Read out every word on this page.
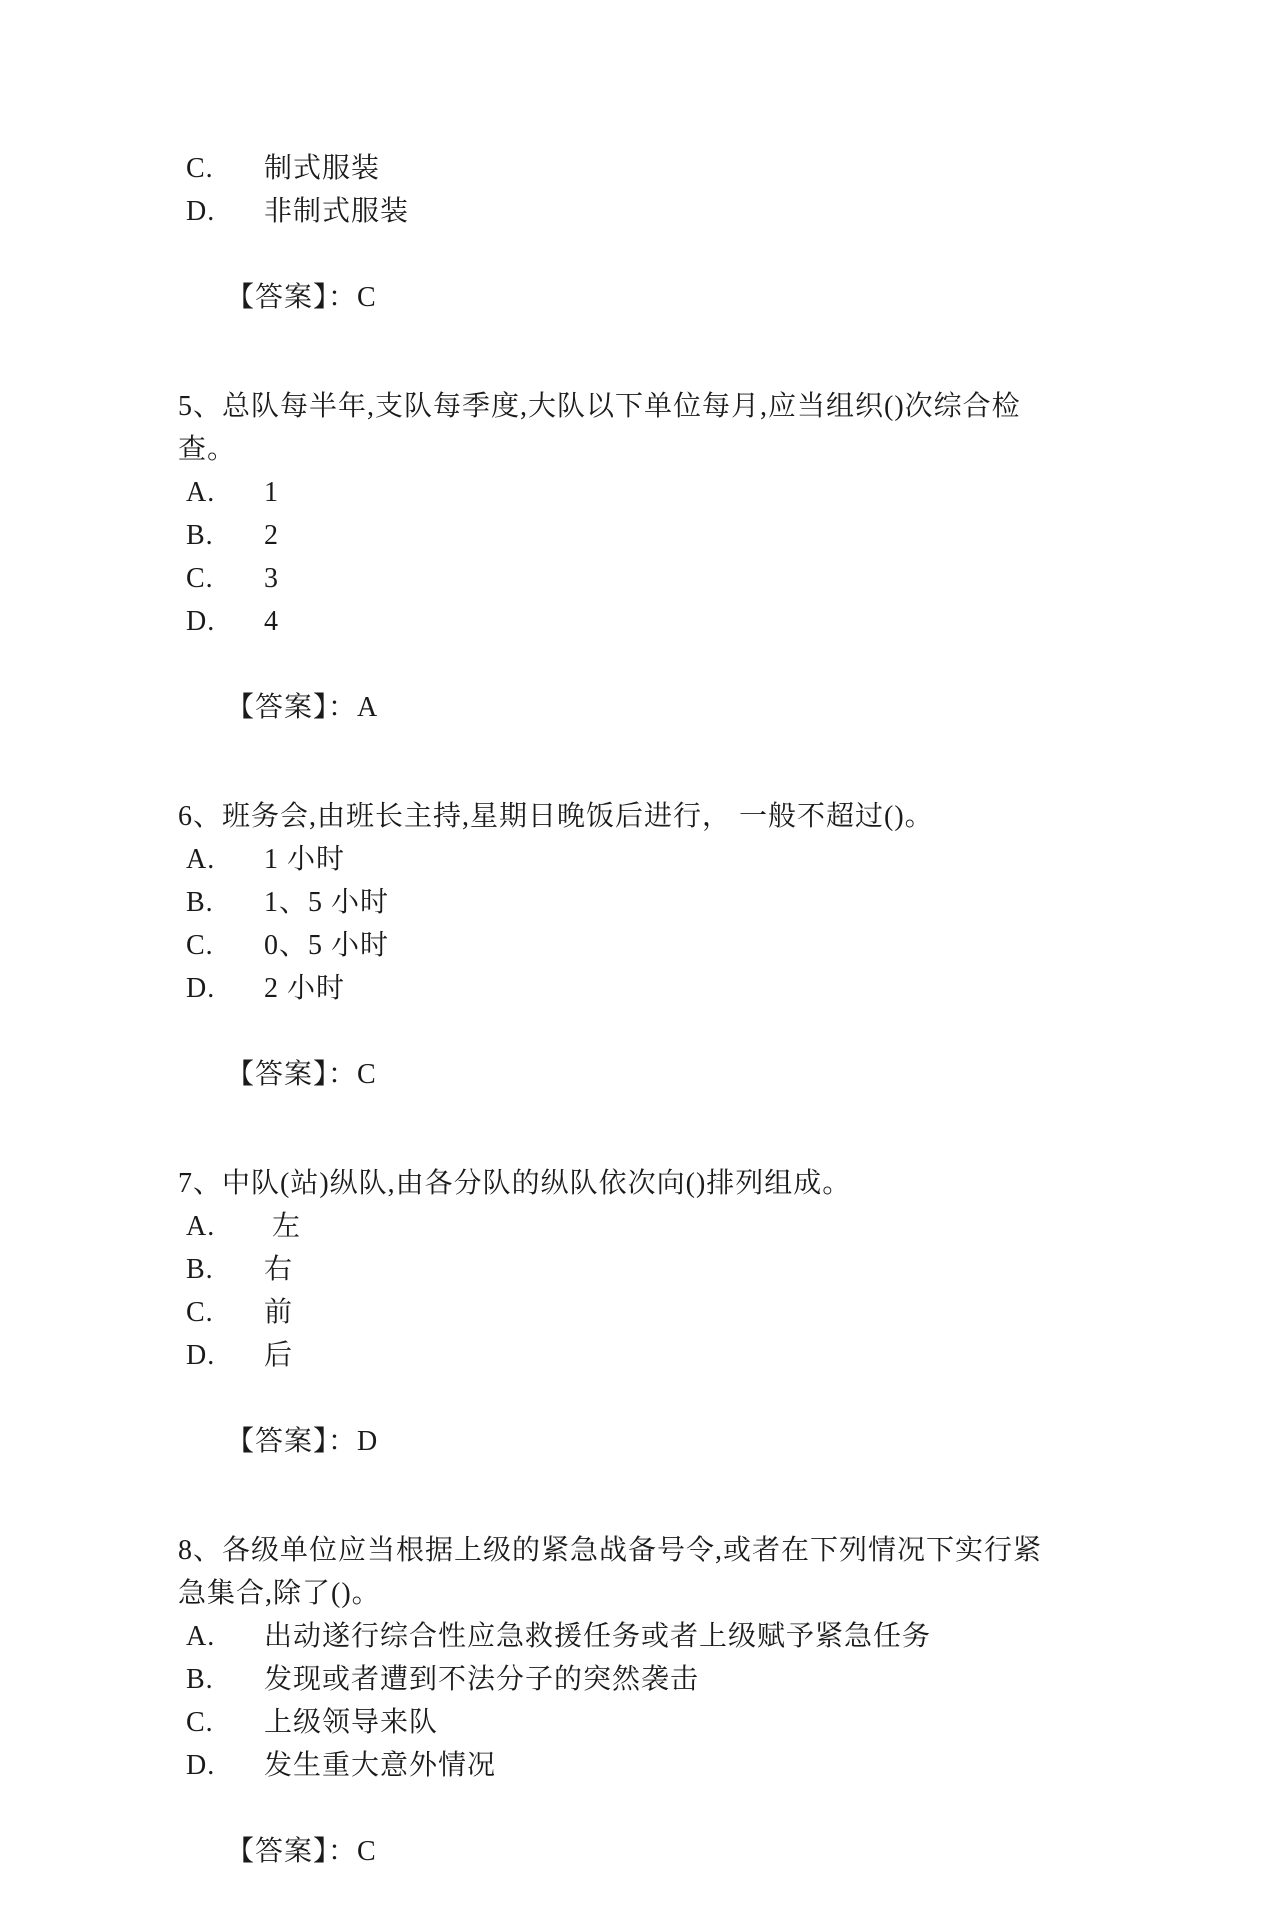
C.	制式服装
D.	非制式服装

【答案】：C

5、总队每半年,支队每季度,大队以下单位每月,应当组织()次综合检
查。
A.	1
B.	2
C.	3
D.	4

【答案】：A

6、班务会,由班长主持,星期日晚饭后进行， 一般不超过()。
A.	1 小时
B.	1、5 小时
C.	0、5 小时
D.	2 小时

【答案】：C

7、中队(站)纵队,由各分队的纵队依次向()排列组成。
A.	左
B.	右
C.	前
D.	后

【答案】：D

8、各级单位应当根据上级的紧急战备号令,或者在下列情况下实行紧
急集合,除了()。
A.	出动遂行综合性应急救援任务或者上级赋予紧急任务
B.	发现或者遭到不法分子的突然袭击
C.	上级领导来队
D.	发生重大意外情况

【答案】：C
